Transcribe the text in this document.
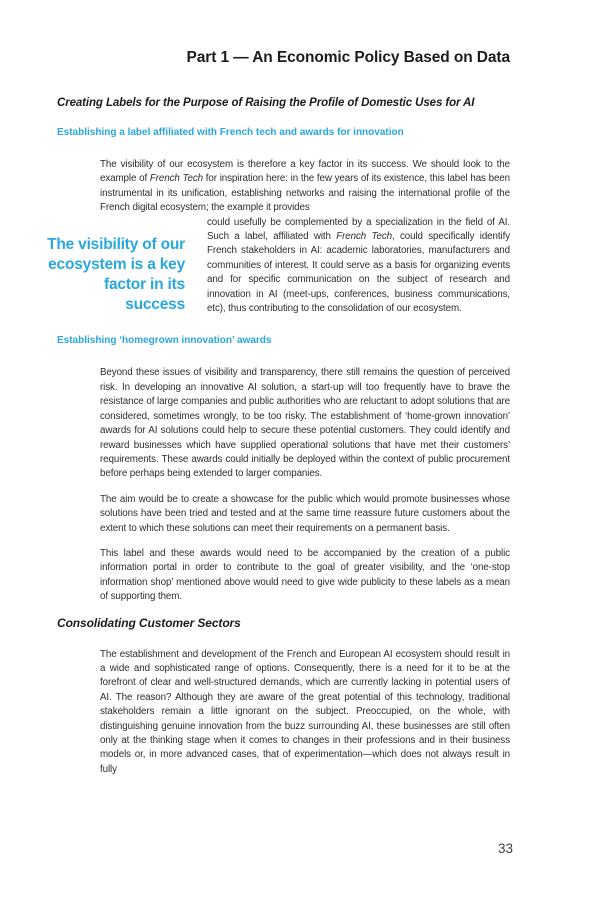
Part 1 — An Economic Policy Based on Data
Creating Labels for the Purpose of Raising the Profile of Domestic Uses for AI
Establishing a label affiliated with French tech and awards for innovation

The visibility of our ecosystem is therefore a key factor in its success. We should look to the example of French Tech for inspiration here: in the few years of its existence, this label has been instrumental in its unification, establishing networks and raising the international profile of the French digital ecosystem; the example it provides

The visibility of our ecosystem is a key factor in its success

could usefully be complemented by a specialization in the field of AI. Such a label, affiliated with French Tech, could specifically identify French stakeholders in AI: academic laboratories, manufacturers and communities of interest. It could serve as a basis for organizing events and for specific communication on the subject of research and innovation in AI (meet-ups, conferences, business communications, etc), thus contributing to the consolidation of our ecosystem.

Establishing ‘homegrown innovation’ awards

Beyond these issues of visibility and transparency, there still remains the question of perceived risk. In developing an innovative AI solution, a start-up will too frequently have to brave the resistance of large companies and public authorities who are reluctant to adopt solutions that are considered, sometimes wrongly, to be too risky. The establishment of ‘home-grown innovation’ awards for AI solutions could help to secure these potential customers. They could identify and reward businesses which have supplied operational solutions that have met their customers’ requirements. These awards could initially be deployed within the context of public procurement before perhaps being extended to larger companies.

The aim would be to create a showcase for the public which would promote businesses whose solutions have been tried and tested and at the same time reassure future customers about the extent to which these solutions can meet their requirements on a permanent basis.

This label and these awards would need to be accompanied by the creation of a public information portal in order to contribute to the goal of greater visibility, and the ‘one-stop information shop’ mentioned above would need to give wide publicity to these labels as a mean of supporting them.

Consolidating Customer Sectors

The establishment and development of the French and European AI ecosystem should result in a wide and sophisticated range of options. Consequently, there is a need for it to be at the forefront of clear and well-structured demands, which are currently lacking in potential users of AI. The reason? Although they are aware of the great potential of this technology, traditional stakeholders remain a little ignorant on the subject. Preoccupied, on the whole, with distinguishing genuine innovation from the buzz surrounding AI, these businesses are still often only at the thinking stage when it comes to changes in their professions and in their business models or, in more advanced cases, that of experimentation—which does not always result in fully

33
